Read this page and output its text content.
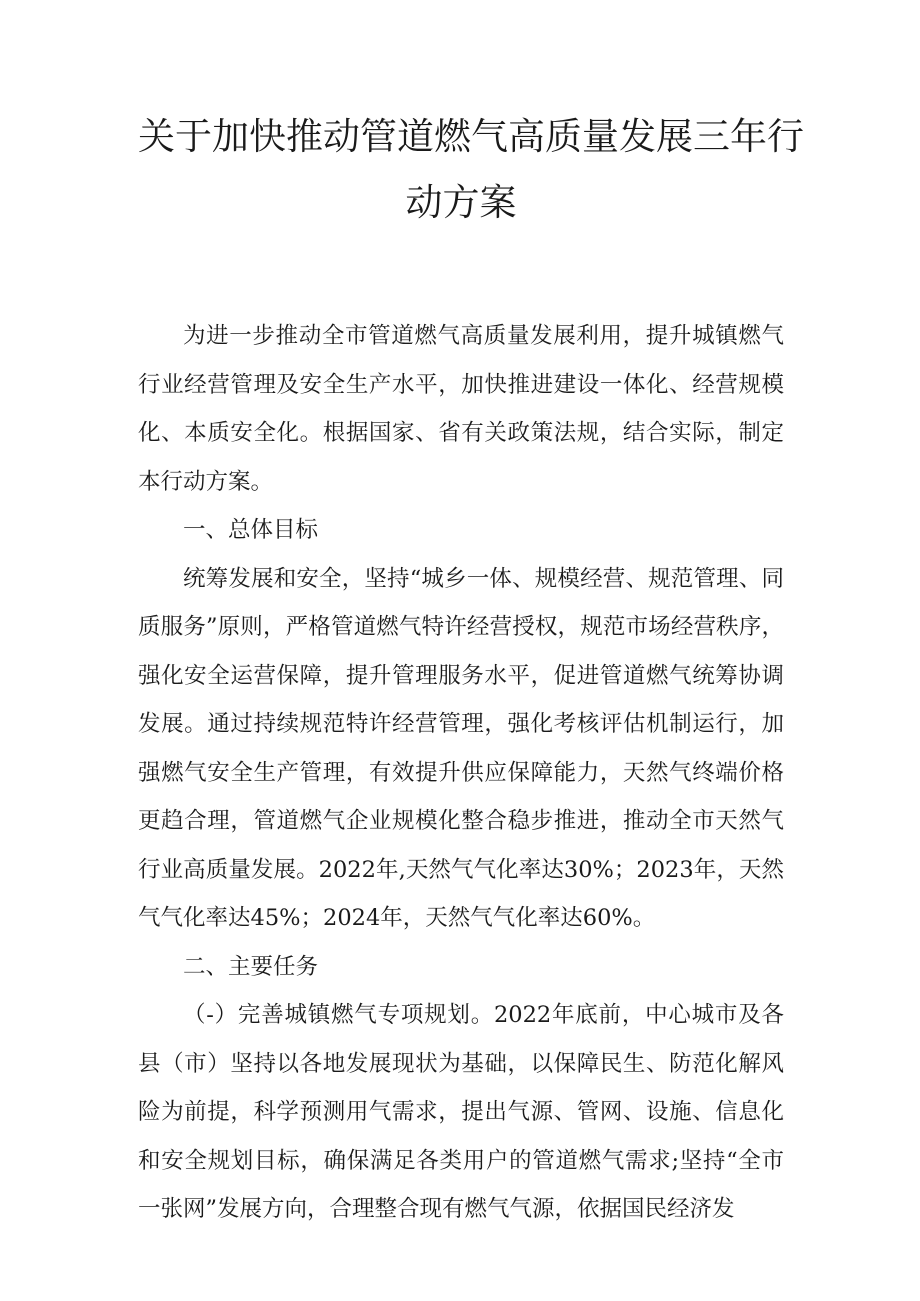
关于加快推动管道燃气高质量发展三年行
动方案

为进一步推动全市管道燃气高质量发展利用，提升城镇燃气行业经营管理及安全生产水平，加快推进建设一体化、经营规模化、本质安全化。根据国家、省有关政策法规，结合实际，制定本行动方案。

一、总体目标

统筹发展和安全，坚持“城乡一体、规模经营、规范管理、同质服务”原则，严格管道燃气特许经营授权，规范市场经营秩序，强化安全运营保障，提升管理服务水平，促进管道燃气统筹协调发展。通过持续规范特许经营管理，强化考核评估机制运行，加强燃气安全生产管理，有效提升供应保障能力，天然气终端价格更趋合理，管道燃气企业规模化整合稳步推进，推动全市天然气行业高质量发展。2022年,天然气气化率达30%；2023年，天然气气化率达45%；2024年，天然气气化率达60%。

二、主要任务

（-）完善城镇燃气专项规划。2022年底前，中心城市及各县（市）坚持以各地发展现状为基础，以保障民生、防范化解风险为前提，科学预测用气需求，提出气源、管网、设施、信息化和安全规划目标，确保满足各类用户的管道燃气需求;坚持“全市一张网”发展方向，合理整合现有燃气气源，依据国民经济发
